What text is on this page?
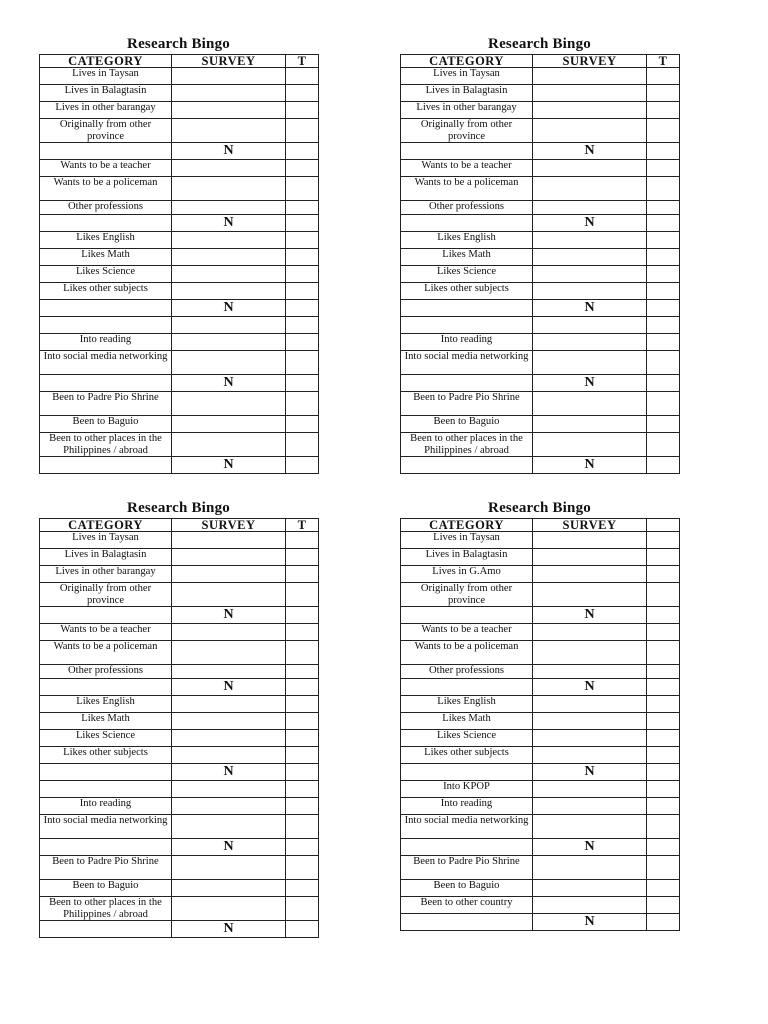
Research Bingo
CATEGORY	SURVEY	T
Lives in Taysan		
Lives in Balagtasin		
Lives in other barangay		
Originally from other province		
	N	
Wants to be a teacher		
Wants to be a policeman		
Other professions		
	N	
Likes English		
Likes Math		
Likes Science		
Likes other subjects		
	N	

Into reading		
Into social media networking		
	N	
Been to Padre Pio Shrine		
Been to Baguio		
Been to other places in the Philippines / abroad		
	N	
Research Bingo
CATEGORY	SURVEY	T
Lives in Taysan		
Lives in Balagtasin		
Lives in other barangay		
Originally from other province		
	N	
Wants to be a teacher		
Wants to be a policeman		
Other professions		
	N	
Likes English		
Likes Math		
Likes Science		
Likes other subjects		
	N	

Into reading		
Into social media networking		
	N	
Been to Padre Pio Shrine		
Been to Baguio		
Been to other places in the Philippines / abroad		
	N	
Research Bingo
CATEGORY	SURVEY	T
Lives in Taysan		
Lives in Balagtasin		
Lives in other barangay		
Originally from other province		
	N	
Wants to be a teacher		
Wants to be a policeman		
Other professions		
	N	
Likes English		
Likes Math		
Likes Science		
Likes other subjects		
	N	

Into reading		
Into social media networking		
	N	
Been to Padre Pio Shrine		
Been to Baguio		
Been to other places in the Philippines / abroad		
	N	
Research Bingo
CATEGORY	SURVEY	
Lives in Taysan		
Lives in Balagtasin		
Lives in G.Amo		
Originally from other province		
	N	
Wants to be a teacher		
Wants to be a policeman		
Other professions		
	N	
Likes English		
Likes Math		
Likes Science		
Likes other subjects		
	N	
Into KPOP		
Into reading		
Into social media networking		
	N	
Been to Padre Pio Shrine		
Been to Baguio		
Been to other country		
	N	
